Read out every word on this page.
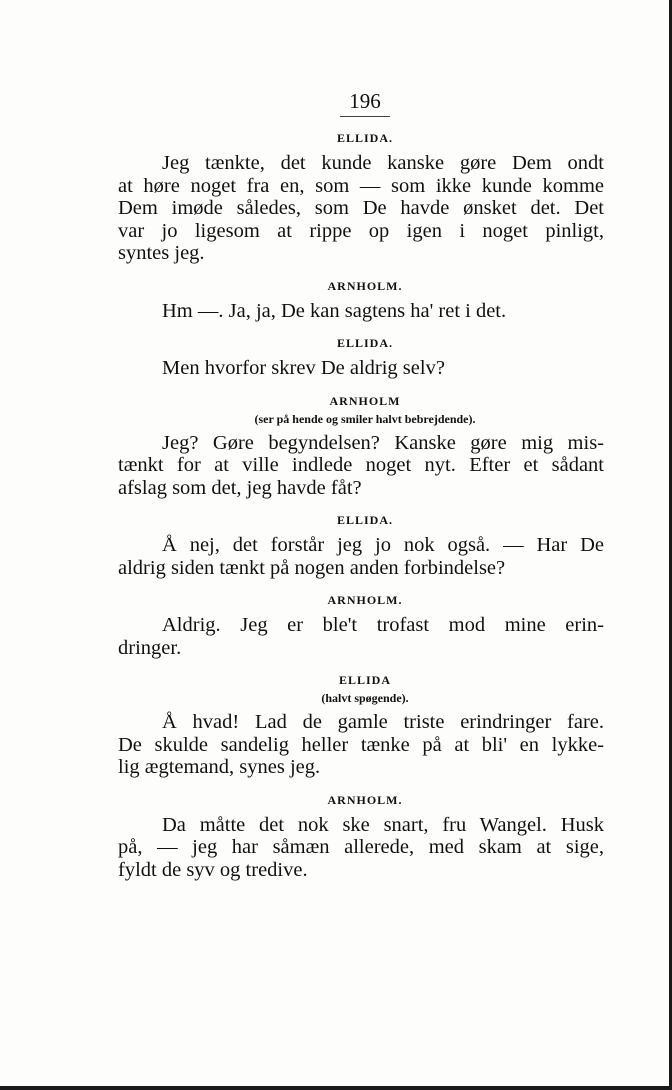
196
ELLIDA.
Jeg tænkte, det kunde kanske gøre Dem ondt
at høre noget fra en, som — som ikke kunde komme
Dem imøde således, som De havde ønsket det. Det
var jo ligesom at rippe op igen i noget pinligt,
syntes jeg.
ARNHOLM.
Hm —. Ja, ja, De kan sagtens ha' ret i det.
ELLIDA.
Men hvorfor skrev De aldrig selv?
ARNHOLM
(ser på hende og smiler halvt bebrejdende).
Jeg? Gøre begyndelsen? Kanske gøre mig mis-
tænkt for at ville indlede noget nyt. Efter et sådant
afslag som det, jeg havde fåt?
ELLIDA.
Å nej, det forstår jeg jo nok også. — Har De
aldrig siden tænkt på nogen anden forbindelse?
ARNHOLM.
Aldrig. Jeg er ble't trofast mod mine erin-
dringer.
ELLIDA
(halvt spøgende).
Å hvad! Lad de gamle triste erindringer fare.
De skulde sandelig heller tænke på at bli' en lykke-
lig ægtemand, synes jeg.
ARNHOLM.
Da måtte det nok ske snart, fru Wangel. Husk
på, — jeg har såmæn allerede, med skam at sige,
fyldt de syv og tredive.
